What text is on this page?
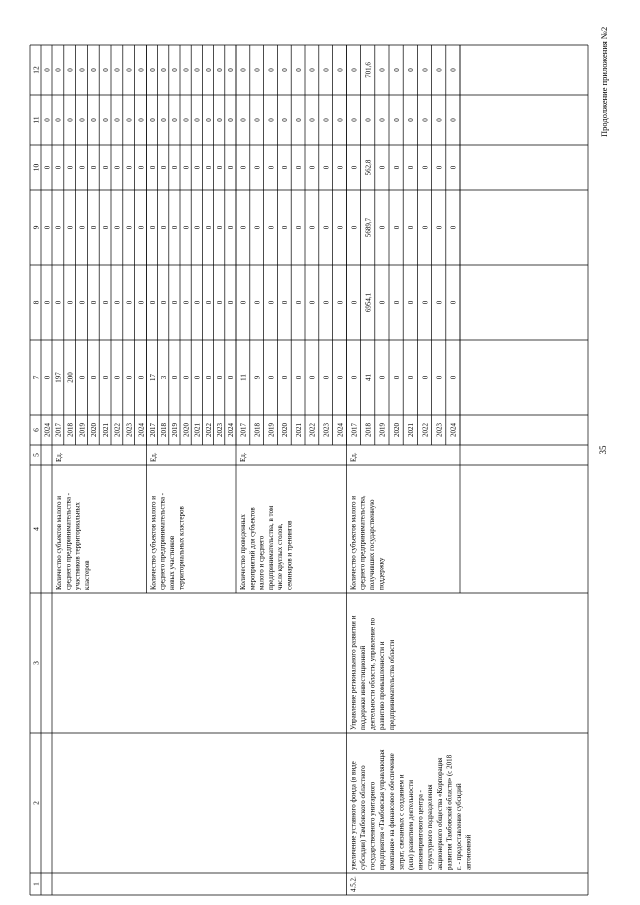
35
Продолжение приложения №2
1
2
3
4
5
6
7
8
9
10
11
12
2024
0
0
0
0
0
0
2017
197
0
0
0
0
0
2018
200
0
0
0
0
0
2019
0
0
0
0
0
0
2020
0
0
0
0
0
0
2021
0
0
0
0
0
0
2022
0
0
0
0
0
0
2023
0
0
0
0
0
0
2024
0
0
0
0
0
0
Количество субъектов малого и среднего предпринимательства - участников территориальных кластеров
Ед.
2017
17
0
0
0
0
0
2018
3
0
0
0
0
0
2019
0
0
0
0
0
0
2020
0
0
0
0
0
0
2021
0
0
0
0
0
0
2022
0
0
0
0
0
0
2023
0
0
0
0
0
0
2024
0
0
0
0
0
0
Количество субъектов малого и среднего предпринимательства - новых участников территориальных кластеров
Ед.
2017
11
0
0
0
0
0
2018
9
0
0
0
0
0
2019
0
0
0
0
0
0
2020
0
0
0
0
0
0
2021
0
0
0
0
0
0
2022
0
0
0
0
0
0
2023
0
0
0
0
0
0
2024
0
0
0
0
0
0
Количество проведенных мероприятий для субъектов малого и среднего предпринимательства, в том числе круглых столов, семинаров и тренингов
Ед.
2017
0
0
0
0
0
0
2018
41
6954,1
5689,7
562,8
0
701,6
2019
0
0
0
0
0
0
2020
0
0
0
0
0
0
2021
0
0
0
0
0
0
2022
0
0
0
0
0
0
2023
0
0
0
0
0
0
2024
0
0
0
0
0
0
Количество субъектов малого и среднего предпринимательства, получивших государственную поддержку
Ед.
4.5.2.
увеличение уставного фонда (в виде субсидии) Тамбовского областного государственного унитарного предприятия «Тамбовская управляющая компания» на финансовое обеспечение затрат, связанных с созданием и (или) развитием деятельности инжинирингового центра - структурного подразделения акционерного общества «Корпорация развития Тамбовской области» (с 2018 г. - предоставление субсидий автономной
Управление регионального развития и поддержки инвестиционной деятельности области, управление по развитию промышленности и предпринимательства области
